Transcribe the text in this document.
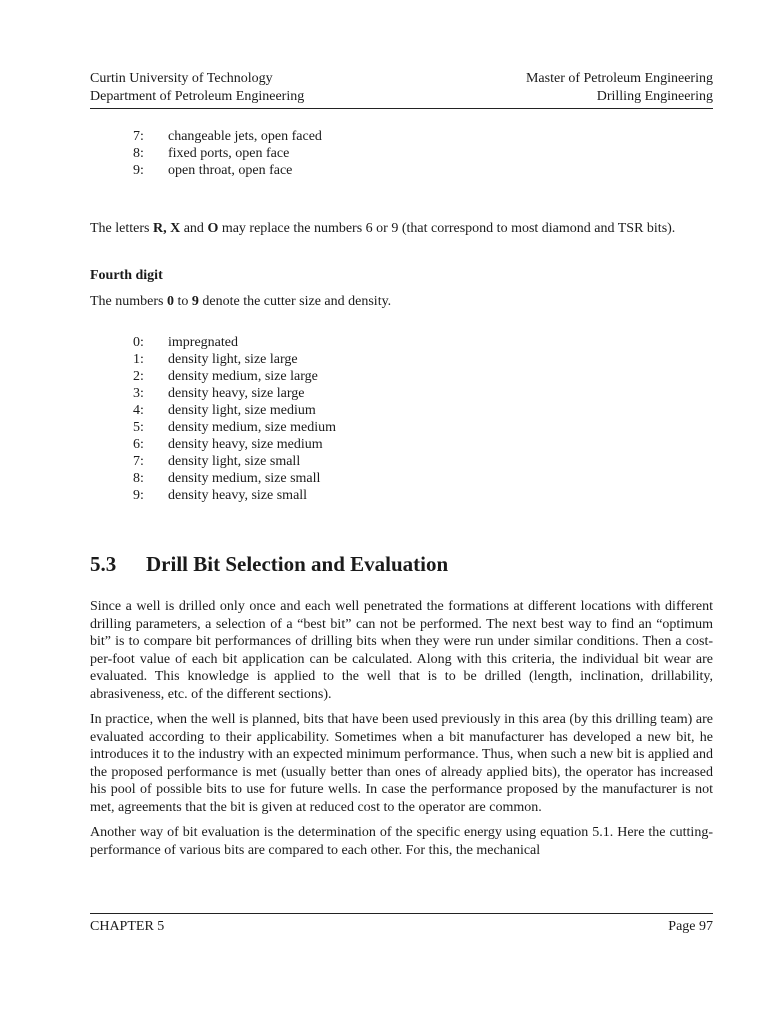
Curtin University of Technology
Department of Petroleum Engineering
Master of Petroleum Engineering
Drilling Engineering
7:	changeable jets, open faced
8:	fixed ports, open face
9:	open throat, open face

The letters R, X and O may replace the numbers 6 or 9 (that correspond to most diamond and TSR bits).

Fourth digit

The numbers 0 to 9 denote the cutter size and density.

0:	impregnated
1:	density light, size large
2:	density medium, size large
3:	density heavy, size large
4:	density light, size medium
5:	density medium, size medium
6:	density heavy, size medium
7:	density light, size small
8:	density medium, size small
9:	density heavy, size small
5.3	Drill Bit Selection and Evaluation

Since a well is drilled only once and each well penetrated the formations at different locations with different drilling parameters, a selection of a “best bit” can not be performed. The next best way to find an “optimum bit” is to compare bit performances of drilling bits when they were run under similar conditions. Then a cost-per-foot value of each bit application can be calculated. Along with this criteria, the individual bit wear are evaluated. This knowledge is applied to the well that is to be drilled (length, inclination, drillability, abrasiveness, etc. of the different sections).

In practice, when the well is planned, bits that have been used previously in this area (by this drilling team) are evaluated according to their applicability. Sometimes when a bit manufacturer has developed a new bit, he introduces it to the industry with an expected minimum performance. Thus, when such a new bit is applied and the proposed performance is met (usually better than ones of already applied bits), the operator has increased his pool of possible bits to use for future wells. In case the performance proposed by the manufacturer is not met, agreements that the bit is given at reduced cost to the operator are common.

Another way of bit evaluation is the determination of the specific energy using equation 5.1. Here the cutting-performance of various bits are compared to each other. For this, the mechanical

CHAPTER 5	Page 97
